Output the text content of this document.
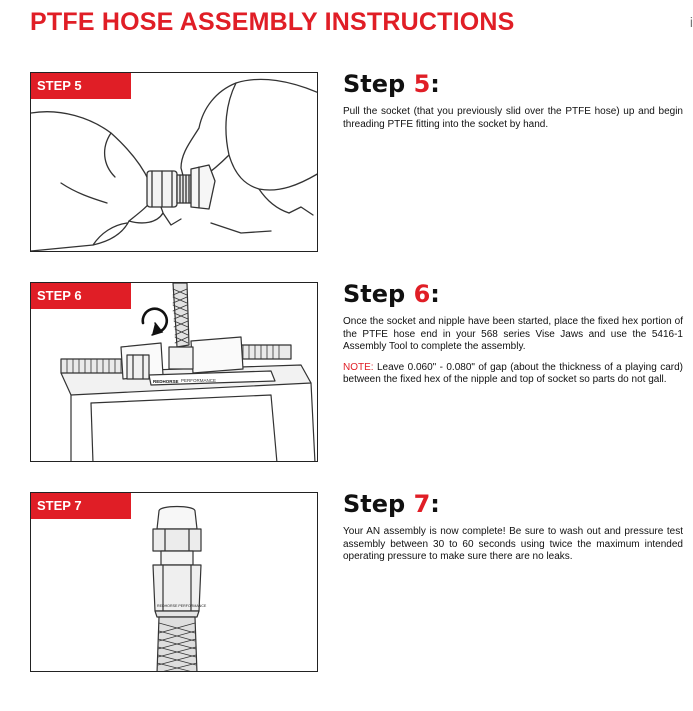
PTFE HOSE ASSEMBLY INSTRUCTIONS	i
STEP 5	Step 5:

Pull the socket (that you previously slid over the PTFE hose) up and begin threading PTFE fitting into the socket by hand.

STEP 6
REDHORSE PERFORMANCE
Step 6:

Once the socket and nipple have been started, place the fixed hex portion of the PTFE hose end in your 568 series Vise Jaws and use the 5416-1 Assembly Tool to complete the assembly.

NOTE: Leave 0.060" - 0.080" of gap (about the thickness of a playing card) between the fixed hex of the nipple and top of socket so parts do not gall.

STEP 7
REDHORSE PERFORMANCE
Step 7:

Your AN assembly is now complete! Be sure to wash out and pressure test assembly between 30 to 60 seconds using twice the maximum intended operating pressure to make sure there are no leaks.
